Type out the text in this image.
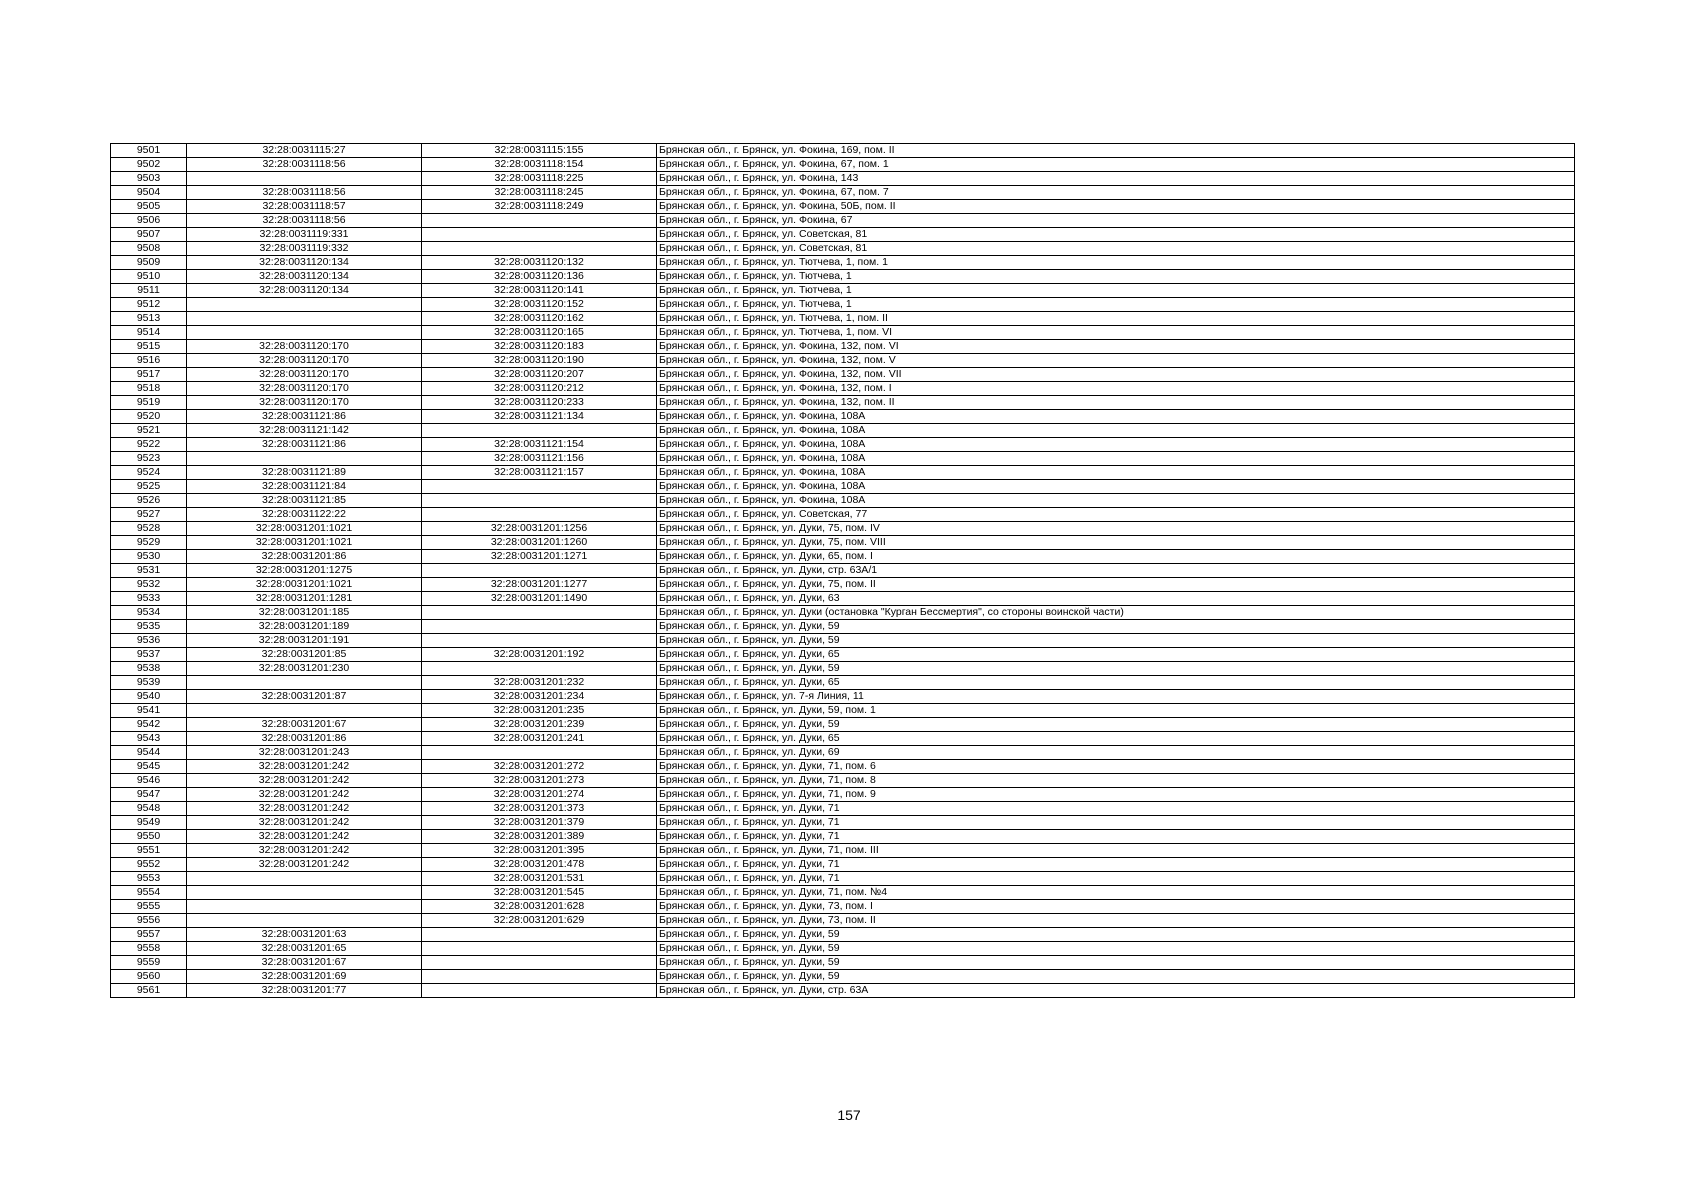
9501	32:28:0031115:27	32:28:0031115:155	Брянская обл., г. Брянск, ул. Фокина, 169, пом. II
9502	32:28:0031118:56	32:28:0031118:154	Брянская обл., г. Брянск, ул. Фокина, 67, пом. 1
9503		32:28:0031118:225	Брянская обл., г. Брянск, ул. Фокина, 143
9504	32:28:0031118:56	32:28:0031118:245	Брянская обл., г. Брянск, ул. Фокина, 67, пом. 7
9505	32:28:0031118:57	32:28:0031118:249	Брянская обл., г. Брянск, ул. Фокина, 50Б, пом. II
9506	32:28:0031118:56		Брянская обл., г. Брянск, ул. Фокина, 67
9507	32:28:0031119:331		Брянская обл., г. Брянск, ул. Советская, 81
9508	32:28:0031119:332		Брянская обл., г. Брянск, ул. Советская, 81
9509	32:28:0031120:134	32:28:0031120:132	Брянская обл., г. Брянск, ул. Тютчева, 1, пом. 1
9510	32:28:0031120:134	32:28:0031120:136	Брянская обл., г. Брянск, ул. Тютчева, 1
9511	32:28:0031120:134	32:28:0031120:141	Брянская обл., г. Брянск, ул. Тютчева, 1
9512		32:28:0031120:152	Брянская обл., г. Брянск, ул. Тютчева, 1
9513		32:28:0031120:162	Брянская обл., г. Брянск, ул. Тютчева, 1, пом. II
9514		32:28:0031120:165	Брянская обл., г. Брянск, ул. Тютчева, 1, пом. VI
9515	32:28:0031120:170	32:28:0031120:183	Брянская обл., г. Брянск, ул. Фокина, 132, пом. VI
9516	32:28:0031120:170	32:28:0031120:190	Брянская обл., г. Брянск, ул. Фокина, 132, пом. V
9517	32:28:0031120:170	32:28:0031120:207	Брянская обл., г. Брянск, ул. Фокина, 132, пом. VII
9518	32:28:0031120:170	32:28:0031120:212	Брянская обл., г. Брянск, ул. Фокина, 132, пом. I
9519	32:28:0031120:170	32:28:0031120:233	Брянская обл., г. Брянск, ул. Фокина, 132, пом. II
9520	32:28:0031121:86	32:28:0031121:134	Брянская обл., г. Брянск, ул. Фокина, 108А
9521	32:28:0031121:142		Брянская обл., г. Брянск, ул. Фокина, 108А
9522	32:28:0031121:86	32:28:0031121:154	Брянская обл., г. Брянск, ул. Фокина, 108А
9523		32:28:0031121:156	Брянская обл., г. Брянск, ул. Фокина, 108А
9524	32:28:0031121:89	32:28:0031121:157	Брянская обл., г. Брянск, ул. Фокина, 108А
9525	32:28:0031121:84		Брянская обл., г. Брянск, ул. Фокина, 108А
9526	32:28:0031121:85		Брянская обл., г. Брянск, ул. Фокина, 108А
9527	32:28:0031122:22		Брянская обл., г. Брянск, ул. Советская, 77
9528	32:28:0031201:1021	32:28:0031201:1256	Брянская обл., г. Брянск, ул. Дуки, 75, пом. IV
9529	32:28:0031201:1021	32:28:0031201:1260	Брянская обл., г. Брянск, ул. Дуки, 75, пом. VIII
9530	32:28:0031201:86	32:28:0031201:1271	Брянская обл., г. Брянск, ул. Дуки, 65, пом. I
9531	32:28:0031201:1275		Брянская обл., г. Брянск, ул. Дуки, стр. 63А/1
9532	32:28:0031201:1021	32:28:0031201:1277	Брянская обл., г. Брянск, ул. Дуки, 75, пом. II
9533	32:28:0031201:1281	32:28:0031201:1490	Брянская обл., г. Брянск, ул. Дуки, 63
9534	32:28:0031201:185		Брянская обл., г. Брянск, ул. Дуки (остановка "Курган Бессмертия", со стороны воинской части)
9535	32:28:0031201:189		Брянская обл., г. Брянск, ул. Дуки, 59
9536	32:28:0031201:191		Брянская обл., г. Брянск, ул. Дуки, 59
9537	32:28:0031201:85	32:28:0031201:192	Брянская обл., г. Брянск, ул. Дуки, 65
9538	32:28:0031201:230		Брянская обл., г. Брянск, ул. Дуки, 59
9539		32:28:0031201:232	Брянская обл., г. Брянск, ул. Дуки, 65
9540	32:28:0031201:87	32:28:0031201:234	Брянская обл., г. Брянск, ул. 7-я Линия, 11
9541		32:28:0031201:235	Брянская обл., г. Брянск, ул. Дуки, 59, пом. 1
9542	32:28:0031201:67	32:28:0031201:239	Брянская обл., г. Брянск, ул. Дуки, 59
9543	32:28:0031201:86	32:28:0031201:241	Брянская обл., г. Брянск, ул. Дуки, 65
9544	32:28:0031201:243		Брянская обл., г. Брянск, ул. Дуки, 69
9545	32:28:0031201:242	32:28:0031201:272	Брянская обл., г. Брянск, ул. Дуки, 71, пом. 6
9546	32:28:0031201:242	32:28:0031201:273	Брянская обл., г. Брянск, ул. Дуки, 71, пом. 8
9547	32:28:0031201:242	32:28:0031201:274	Брянская обл., г. Брянск, ул. Дуки, 71, пом. 9
9548	32:28:0031201:242	32:28:0031201:373	Брянская обл., г. Брянск, ул. Дуки, 71
9549	32:28:0031201:242	32:28:0031201:379	Брянская обл., г. Брянск, ул. Дуки, 71
9550	32:28:0031201:242	32:28:0031201:389	Брянская обл., г. Брянск, ул. Дуки, 71
9551	32:28:0031201:242	32:28:0031201:395	Брянская обл., г. Брянск, ул. Дуки, 71, пом. III
9552	32:28:0031201:242	32:28:0031201:478	Брянская обл., г. Брянск, ул. Дуки, 71
9553		32:28:0031201:531	Брянская обл., г. Брянск, ул. Дуки, 71
9554		32:28:0031201:545	Брянская обл., г. Брянск, ул. Дуки, 71, пом. №4
9555		32:28:0031201:628	Брянская обл., г. Брянск, ул. Дуки, 73, пом. I
9556		32:28:0031201:629	Брянская обл., г. Брянск, ул. Дуки, 73, пом. II
9557	32:28:0031201:63		Брянская обл., г. Брянск, ул. Дуки, 59
9558	32:28:0031201:65		Брянская обл., г. Брянск, ул. Дуки, 59
9559	32:28:0031201:67		Брянская обл., г. Брянск, ул. Дуки, 59
9560	32:28:0031201:69		Брянская обл., г. Брянск, ул. Дуки, 59
9561	32:28:0031201:77		Брянская обл., г. Брянск, ул. Дуки, стр. 63А
157
